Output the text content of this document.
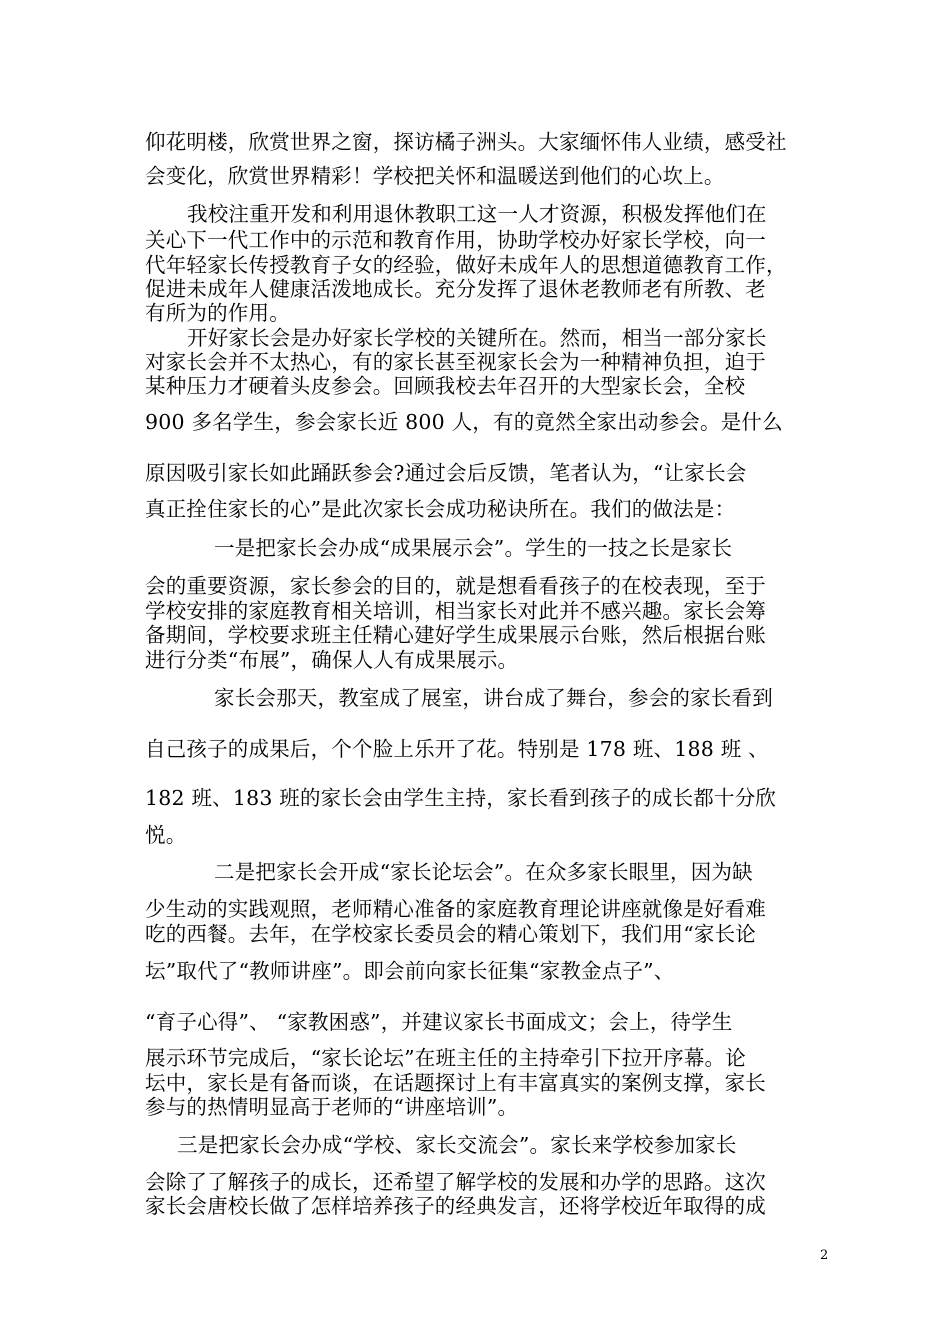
仰花明楼，欣赏世界之窗，探访橘子洲头。大家缅怀伟人业绩，感受社
会变化，欣赏世界精彩！学校把关怀和温暖送到他们的心坎上。
我校注重开发和利用退休教职工这一人才资源，积极发挥他们在
关心下一代工作中的示范和教育作用，协助学校办好家长学校，向一
代年轻家长传授教育子女的经验，做好未成年人的思想道德教育工作，
促进未成年人健康活泼地成长。充分发挥了退休老教师老有所教、老
有所为的作用。
开好家长会是办好家长学校的关键所在。然而，相当一部分家长
对家长会并不太热心，有的家长甚至视家长会为一种精神负担，迫于
某种压力才硬着头皮参会。回顾我校去年召开的大型家长会，全校
900 多名学生，参会家长近 800 人，有的竟然全家出动参会。是什么
原因吸引家长如此踊跃参会?通过会后反馈，笔者认为，“让家长会
真正拴住家长的心”是此次家长会成功秘诀所在。我们的做法是：
一是把家长会办成“成果展示会”。学生的一技之长是家长
会的重要资源，家长参会的目的，就是想看看孩子的在校表现，至于
学校安排的家庭教育相关培训，相当家长对此并不感兴趣。家长会筹
备期间，学校要求班主任精心建好学生成果展示台账，然后根据台账
进行分类“布展”，确保人人有成果展示。
家长会那天，教室成了展室，讲台成了舞台，参会的家长看到
自己孩子的成果后，个个脸上乐开了花。特别是 178 班、188 班 、
182 班、183 班的家长会由学生主持，家长看到孩子的成长都十分欣
悦。
二是把家长会开成“家长论坛会”。在众多家长眼里，因为缺
少生动的实践观照，老师精心准备的家庭教育理论讲座就像是好看难
吃的西餐。去年，在学校家长委员会的精心策划下，我们用“家长论
坛”取代了“教师讲座”。即会前向家长征集“家教金点子”、
“育子心得”、 “家教困惑”，并建议家长书面成文；会上，待学生
展示环节完成后，“家长论坛”在班主任的主持牵引下拉开序幕。论
坛中，家长是有备而谈，在话题探讨上有丰富真实的案例支撑，家长
参与的热情明显高于老师的“讲座培训”。
三是把家长会办成“学校、家长交流会”。家长来学校参加家长
会除了了解孩子的成长，还希望了解学校的发展和办学的思路。这次
家长会唐校长做了怎样培养孩子的经典发言，还将学校近年取得的成
2
